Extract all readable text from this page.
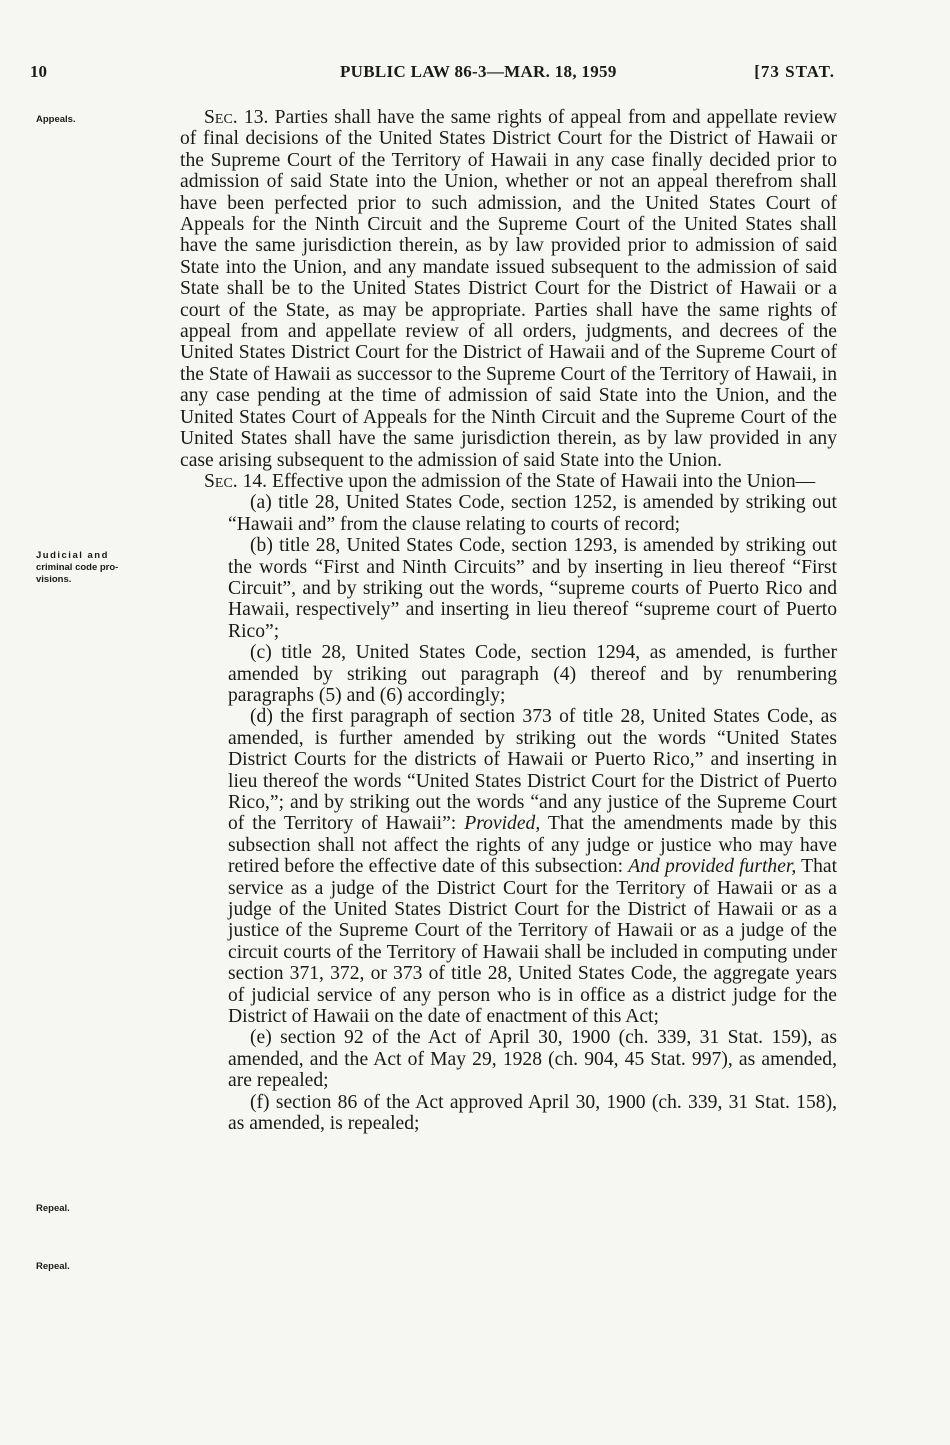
10	PUBLIC LAW 86-3—MAR. 18, 1959	[73 STAT.
Appeals.
Judicial and
criminal code pro-
visions.
Repeal.
Repeal.

Sec. 13. Parties shall have the same rights of appeal from and appellate review of final decisions of the United States District Court for the District of Hawaii or the Supreme Court of the Territory of Hawaii in any case finally decided prior to admission of said State into the Union, whether or not an appeal therefrom shall have been perfected prior to such admission, and the United States Court of Appeals for the Ninth Circuit and the Supreme Court of the United States shall have the same jurisdiction therein, as by law provided prior to admission of said State into the Union, and any mandate issued subsequent to the admission of said State shall be to the United States District Court for the District of Hawaii or a court of the State, as may be appropriate. Parties shall have the same rights of appeal from and appellate review of all orders, judgments, and decrees of the United States District Court for the District of Hawaii and of the Supreme Court of the State of Hawaii as successor to the Supreme Court of the Territory of Hawaii, in any case pending at the time of admission of said State into the Union, and the United States Court of Appeals for the Ninth Circuit and the Supreme Court of the United States shall have the same jurisdiction therein, as by law provided in any case arising subsequent to the admission of said State into the Union.

Sec. 14. Effective upon the admission of the State of Hawaii into the Union—

(a) title 28, United States Code, section 1252, is amended by striking out “Hawaii and” from the clause relating to courts of record;

(b) title 28, United States Code, section 1293, is amended by striking out the words “First and Ninth Circuits” and by inserting in lieu thereof “First Circuit”, and by striking out the words, “supreme courts of Puerto Rico and Hawaii, respectively” and inserting in lieu thereof “supreme court of Puerto Rico”;

(c) title 28, United States Code, section 1294, as amended, is further amended by striking out paragraph (4) thereof and by renumbering paragraphs (5) and (6) accordingly;

(d) the first paragraph of section 373 of title 28, United States Code, as amended, is further amended by striking out the words “United States District Courts for the districts of Hawaii or Puerto Rico,” and inserting in lieu thereof the words “United States District Court for the District of Puerto Rico,”; and by striking out the words “and any justice of the Supreme Court of the Territory of Hawaii”: Provided, That the amendments made by this subsection shall not affect the rights of any judge or justice who may have retired before the effective date of this subsection: And provided further, That service as a judge of the District Court for the Territory of Hawaii or as a judge of the United States District Court for the District of Hawaii or as a justice of the Supreme Court of the Territory of Hawaii or as a judge of the circuit courts of the Territory of Hawaii shall be included in computing under section 371, 372, or 373 of title 28, United States Code, the aggregate years of judicial service of any person who is in office as a district judge for the District of Hawaii on the date of enactment of this Act;

(e) section 92 of the Act of April 30, 1900 (ch. 339, 31 Stat. 159), as amended, and the Act of May 29, 1928 (ch. 904, 45 Stat. 997), as amended, are repealed;

(f) section 86 of the Act approved April 30, 1900 (ch. 339, 31 Stat. 158), as amended, is repealed;
